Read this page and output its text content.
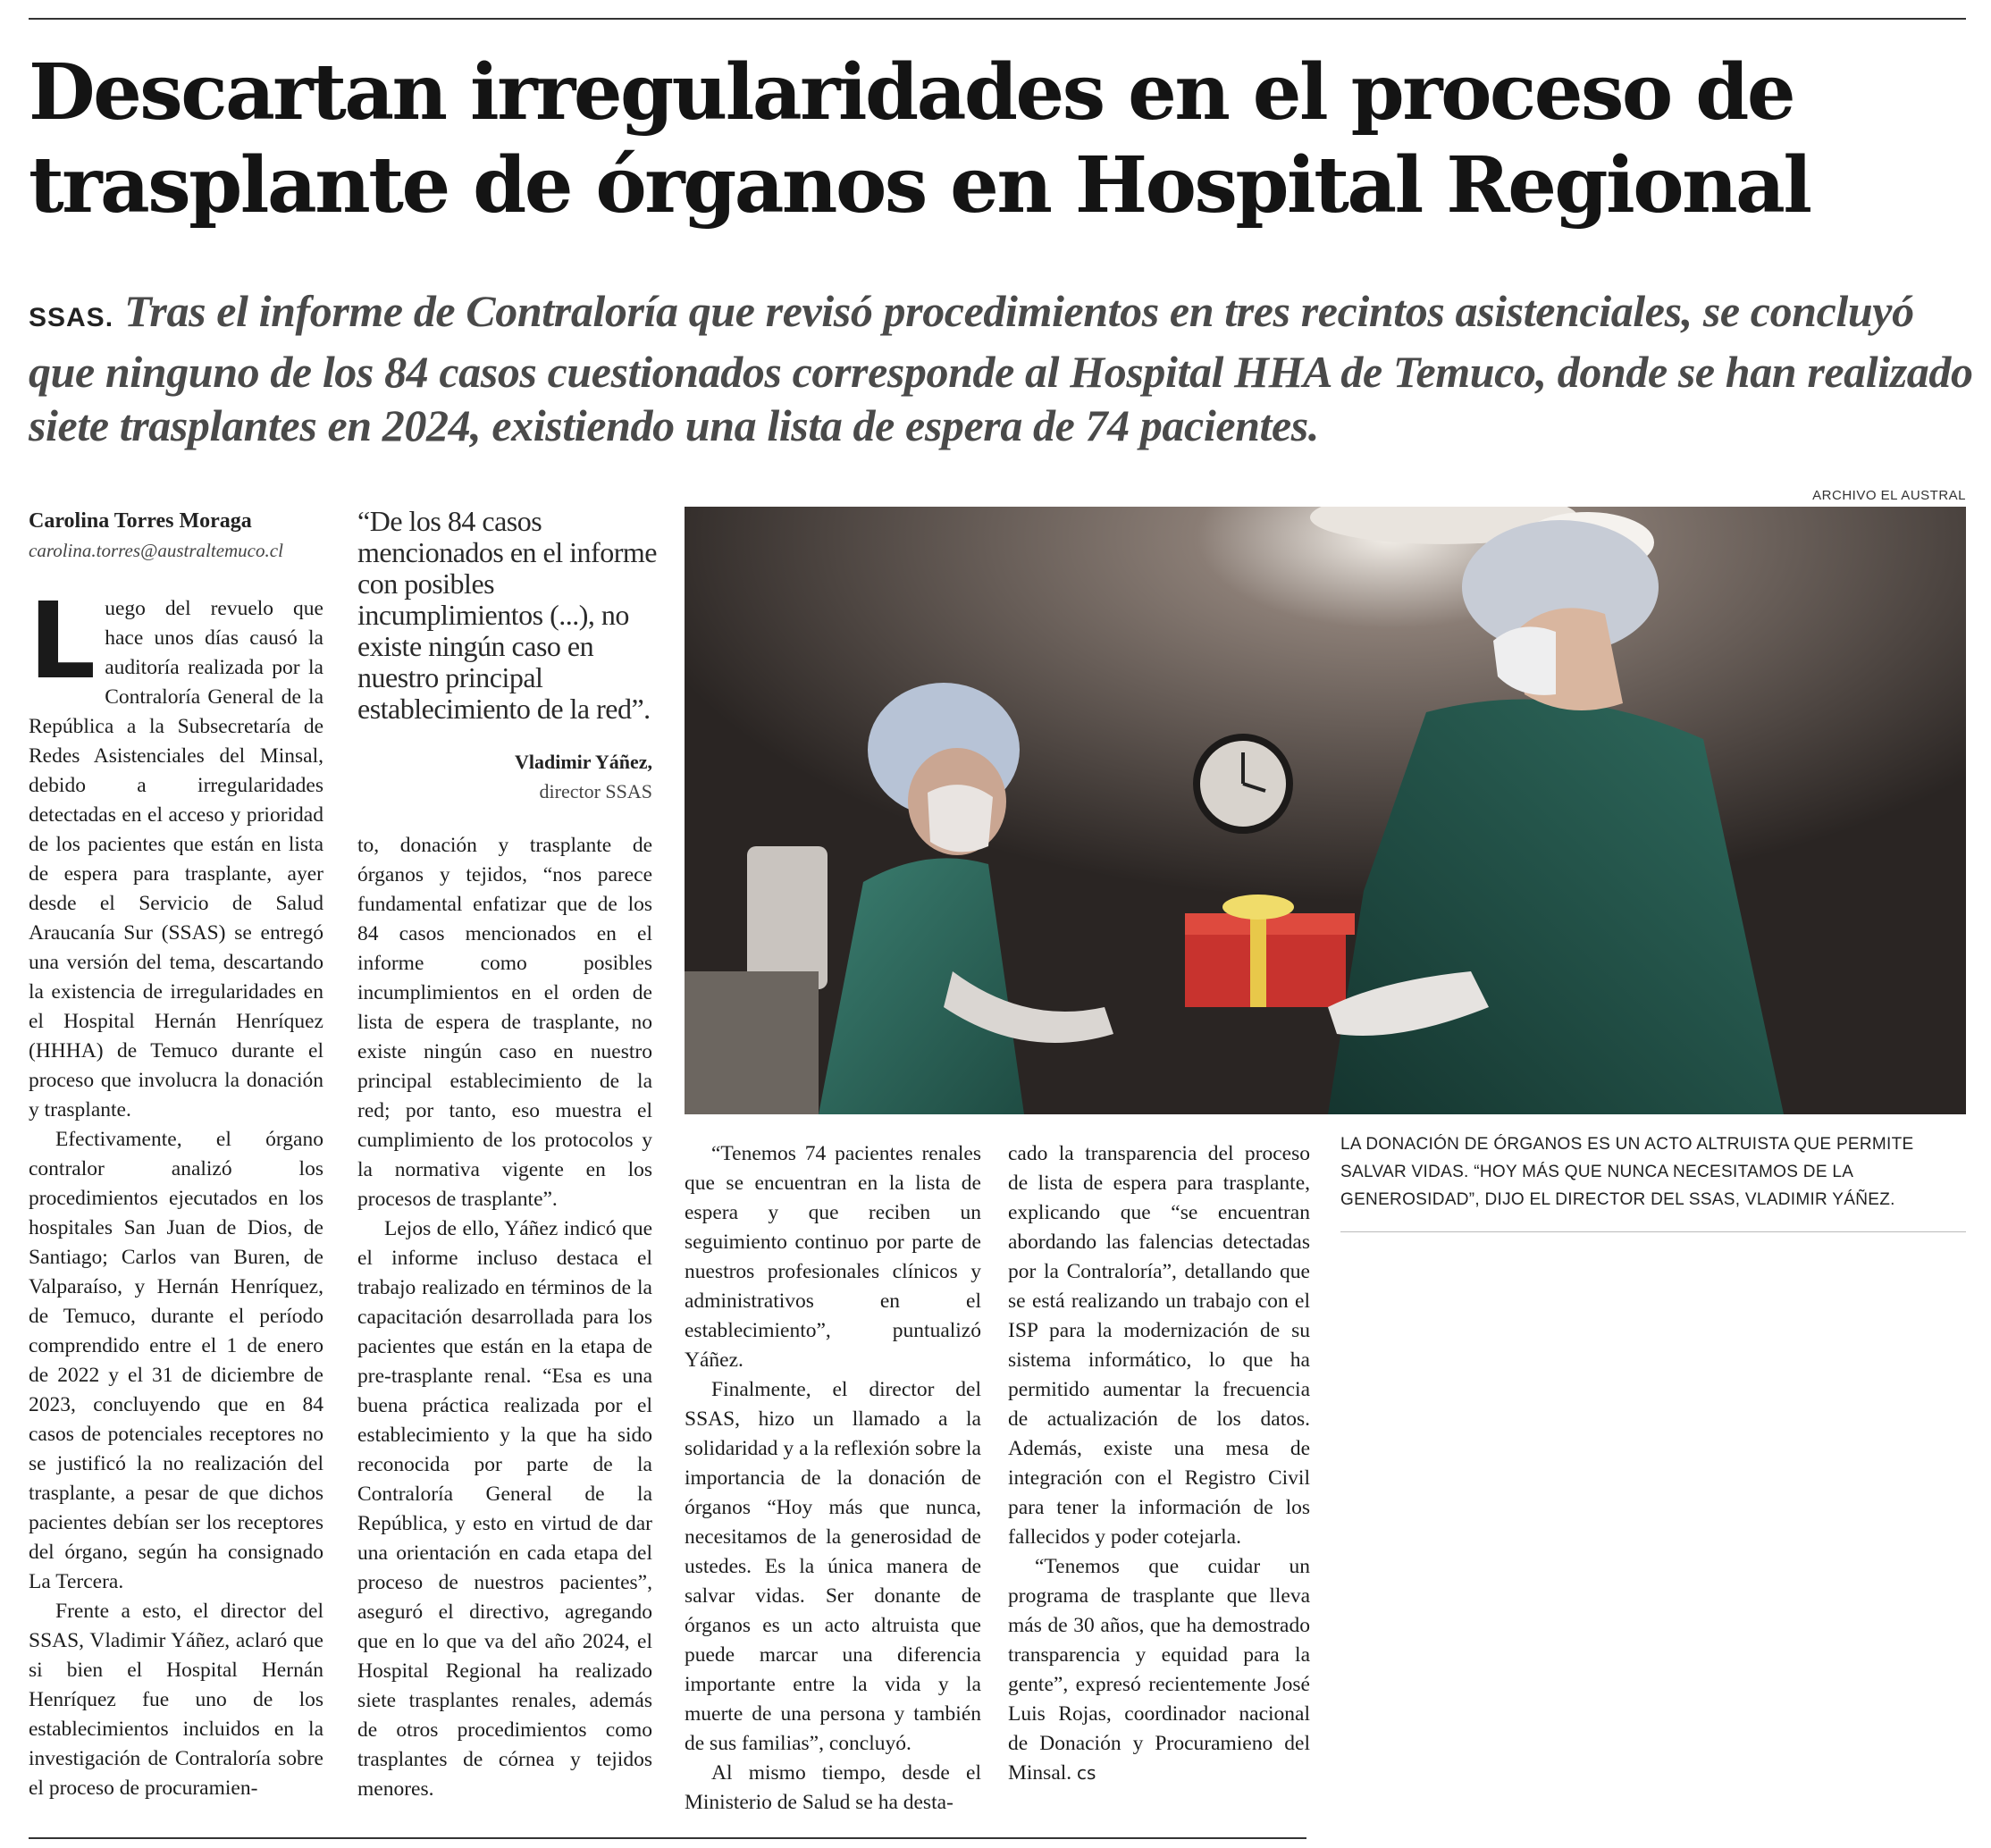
Descartan irregularidades en el proceso de trasplante de órganos en Hospital Regional

SSAS. Tras el informe de Contraloría que revisó procedimientos en tres recintos asistenciales, se concluyó que ninguno de los 84 casos cuestionados corresponde al Hospital HHA de Temuco, donde se han realizado siete trasplantes en 2024, existiendo una lista de espera de 74 pacientes.

Carolina Torres Moraga
carolina.torres@australtemuco.cl

Luego del revuelo que hace unos días causó la auditoría realizada por la Contraloría General de la República a la Subsecretaría de Redes Asistenciales del Minsal, debido a irregularidades detectadas en el acceso y prioridad de los pacientes que están en lista de espera para trasplante, ayer desde el Servicio de Salud Araucanía Sur (SSAS) se entregó una versión del tema, descartando la existencia de irregularidades en el Hospital Hernán Henríquez (HHHA) de Temuco durante el proceso que involucra la donación y trasplante.

Efectivamente, el órgano contralor analizó los procedimientos ejecutados en los hospitales San Juan de Dios, de Santiago; Carlos van Buren, de Valparaíso, y Hernán Henríquez, de Temuco, durante el período comprendido entre el 1 de enero de 2022 y el 31 de diciembre de 2023, concluyendo que en 84 casos de potenciales receptores no se justificó la no realización del trasplante, a pesar de que dichos pacientes debían ser los receptores del órgano, según ha consignado La Tercera.

Frente a esto, el director del SSAS, Vladimir Yáñez, aclaró que si bien el Hospital Hernán Henríquez fue uno de los establecimientos incluidos en la investigación de Contraloría sobre el proceso de procuramien-

“De los 84 casos mencionados en el informe con posibles incumplimientos (...), no existe ningún caso en nuestro principal establecimiento de la red”.
Vladimir Yáñez,
director SSAS

to, donación y trasplante de órganos y tejidos, “nos parece fundamental enfatizar que de los 84 casos mencionados en el informe como posibles incumplimientos en el orden de lista de espera de trasplante, no existe ningún caso en nuestro principal establecimiento de la red; por tanto, eso muestra el cumplimiento de los protocolos y la normativa vigente en los procesos de trasplante”.

Lejos de ello, Yáñez indicó que el informe incluso destaca el trabajo realizado en términos de la capacitación desarrollada para los pacientes que están en la etapa de pre-trasplante renal. “Esa es una buena práctica realizada por el establecimiento y la que ha sido reconocida por parte de la Contraloría General de la República, y esto en virtud de dar una orientación en cada etapa del proceso de nuestros pacientes”, aseguró el directivo, agregando que en lo que va del año 2024, el Hospital Regional ha realizado siete trasplantes renales, además de otros procedimientos como trasplantes de córnea y tejidos menores.

ARCHIVO EL AUSTRAL
LA DONACIÓN DE ÓRGANOS ES UN ACTO ALTRUISTA QUE PERMITE SALVAR VIDAS. “HOY MÁS QUE NUNCA NECESITAMOS DE LA GENEROSIDAD”, DIJO EL DIRECTOR DEL SSAS, VLADIMIR YÁÑEZ.

“Tenemos 74 pacientes renales que se encuentran en la lista de espera y que reciben un seguimiento continuo por parte de nuestros profesionales clínicos y administrativos en el establecimiento”, puntualizó Yáñez.

Finalmente, el director del SSAS, hizo un llamado a la solidaridad y a la reflexión sobre la importancia de la donación de órganos “Hoy más que nunca, necesitamos de la generosidad de ustedes. Es la única manera de salvar vidas. Ser donante de órganos es un acto altruista que puede marcar una diferencia importante entre la vida y la muerte de una persona y también de sus familias”, concluyó.

Al mismo tiempo, desde el Ministerio de Salud se ha desta-

cado la transparencia del proceso de lista de espera para trasplante, explicando que “se encuentran abordando las falencias detectadas por la Contraloría”, detallando que se está realizando un trabajo con el ISP para la modernización de su sistema informático, lo que ha permitido aumentar la frecuencia de actualización de los datos. Además, existe una mesa de integración con el Registro Civil para tener la información de los fallecidos y poder cotejarla.

“Tenemos que cuidar un programa de trasplante que lleva más de 30 años, que ha demostrado transparencia y equidad para la gente”, expresó recientemente José Luis Rojas, coordinador nacional de Donación y Procuramieno del Minsal. cs
